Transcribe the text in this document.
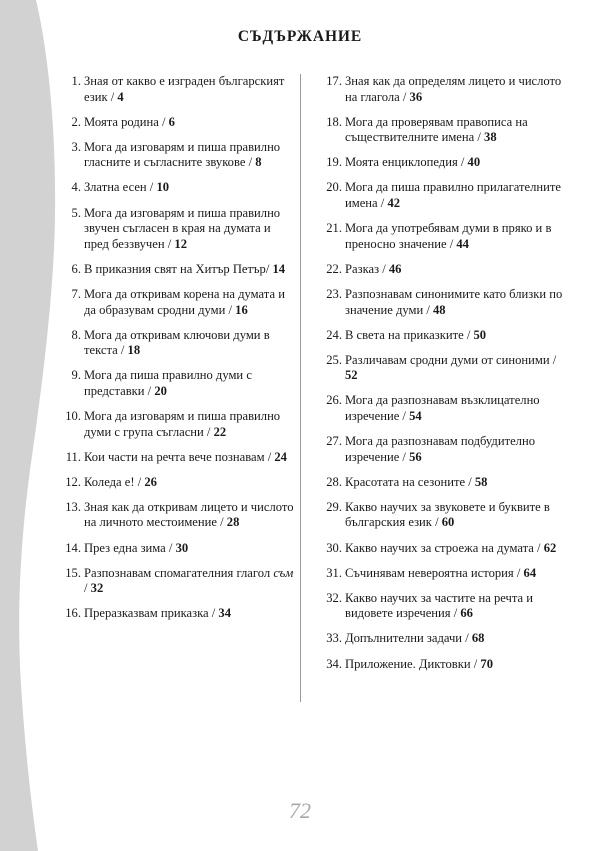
СЪДЪРЖАНИЕ
1. Зная от какво е изграден българският език / 4
2. Моята родина / 6
3. Мога да изговарям и пиша правилно гласните и съгласните звукове / 8
4. Златна есен / 10
5. Мога да изговарям и пиша правилно звучен съгласен в края на думата и пред беззвучен / 12
6. В приказния свят на Хитър Петър/ 14
7. Мога да откривам корена на думата и да образувам сродни думи / 16
8. Мога да откривам ключови думи в текста / 18
9. Мога да пиша правилно думи с представки / 20
10. Мога да изговарям и пиша правилно думи с група съгласни / 22
11. Кои части на речта вече познавам / 24
12. Коледа е! / 26
13. Зная как да откривам лицето и числото на личното местоимение / 28
14. През една зима / 30
15. Разпознавам спомагателния глагол съм / 32
16. Преразказвам приказка / 34
17. Зная как да определям лицето и числото на глагола / 36
18. Мога да проверявам правописа на съществителните имена / 38
19. Моята енциклопедия / 40
20. Мога да пиша правилно прилагателните имена / 42
21. Мога да употребявам думи в пряко и в преносно значение / 44
22. Разказ / 46
23. Разпознавам синонимите като близки по значение думи / 48
24. В света на приказките / 50
25. Различавам сродни думи от синоними / 52
26. Мога да разпознавам възклицателно изречение / 54
27. Мога да разпознавам подбудително изречение / 56
28. Красотата на сезоните / 58
29. Какво научих за звуковете и буквите в българския език / 60
30. Какво научих за строежа на думата / 62
31. Съчинявам невероятна история / 64
32. Какво научих за частите на речта и видовете изречения / 66
33. Допълнителни задачи / 68
34. Приложение. Диктовки / 70
72
